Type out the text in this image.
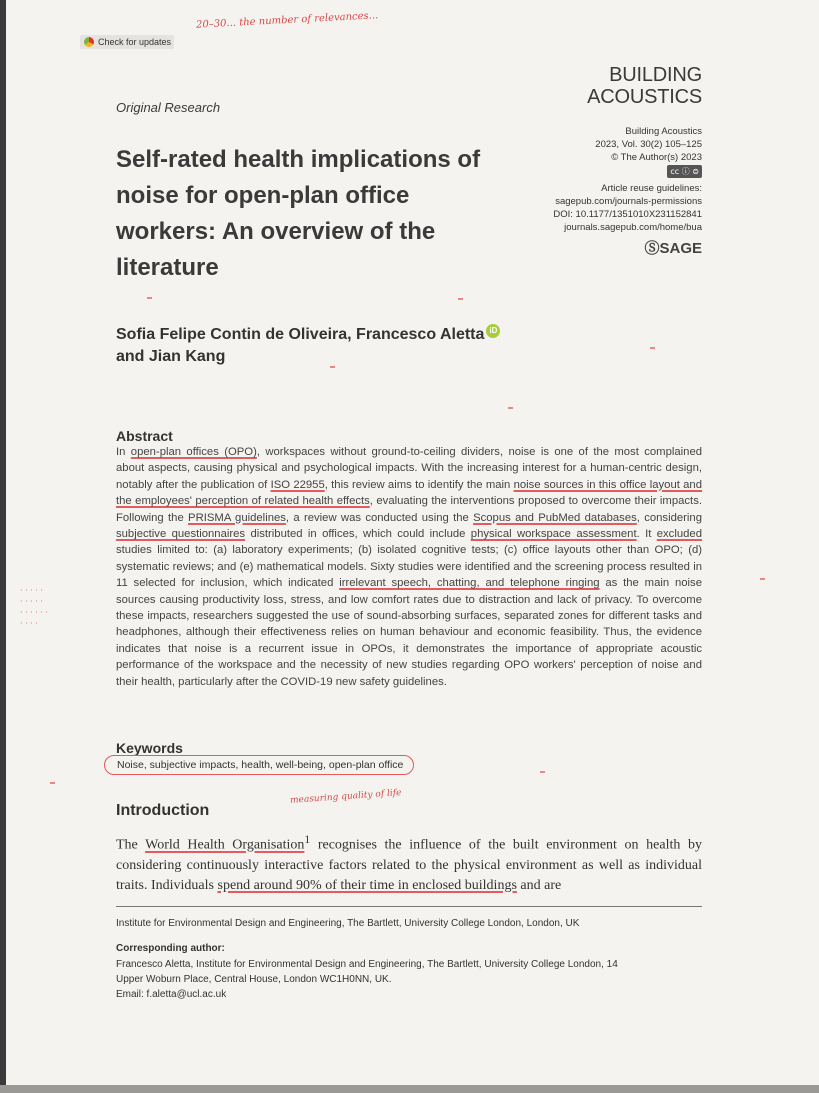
Check for updates
20–30... the number of relevances...
BUILDING
ACOUSTICS
Original Research
Building Acoustics
2023, Vol. 30(2) 105–125
© The Author(s) 2023
cc ⓘ ⊜
Article reuse guidelines:
sagepub.com/journals-permissions
DOI: 10.1177/1351010X231152841
journals.sagepub.com/home/bua
ⓈSAGE
Self-rated health implications of noise for open-plan office workers: An overview of the literature
Sofia Felipe Contin de Oliveira, Francesco Aletta iD
and Jian Kang
Abstract
In open-plan offices (OPO), workspaces without ground-to-ceiling dividers, noise is one of the most complained about aspects, causing physical and psychological impacts. With the increasing interest for a human-centric design, notably after the publication of ISO 22955, this review aims to identify the main noise sources in this office layout and the employees' perception of related health effects, evaluating the interventions proposed to overcome their impacts. Following the PRISMA guidelines, a review was conducted using the Scopus and PubMed databases, considering subjective questionnaires distributed in offices, which could include physical workspace assessment. It excluded studies limited to: (a) laboratory experiments; (b) isolated cognitive tests; (c) office layouts other than OPO; (d) systematic reviews; and (e) mathematical models. Sixty studies were identified and the screening process resulted in 11 selected for inclusion, which indicated irrelevant speech, chatting, and telephone ringing as the main noise sources causing productivity loss, stress, and low comfort rates due to distraction and lack of privacy. To overcome these impacts, researchers suggested the use of sound-absorbing surfaces, separated zones for different tasks and headphones, although their effectiveness relies on human behaviour and economic feasibility. Thus, the evidence indicates that noise is a recurrent issue in OPOs, it demonstrates the importance of appropriate acoustic performance of the workspace and the necessity of new studies regarding OPO workers' perception of noise and their health, particularly after the COVID-19 new safety guidelines.
Keywords
Noise, subjective impacts, health, well-being, open-plan office
Introduction
measuring quality of life
The World Health Organisation$^1$ recognises the influence of the built environment on health by considering continuously interactive factors related to the physical environment as well as individual traits. Individuals spend around 90% of their time in enclosed buildings and are
Institute for Environmental Design and Engineering, The Bartlett, University College London, London, UK
Corresponding author:
Francesco Aletta, Institute for Environmental Design and Engineering, The Bartlett, University College London, 14
Upper Woburn Place, Central House, London WC1H0NN, UK.
Email: f.aletta@ucl.ac.uk
· · · · ·
· · · · ·
· · · · · ·
· · · ·
